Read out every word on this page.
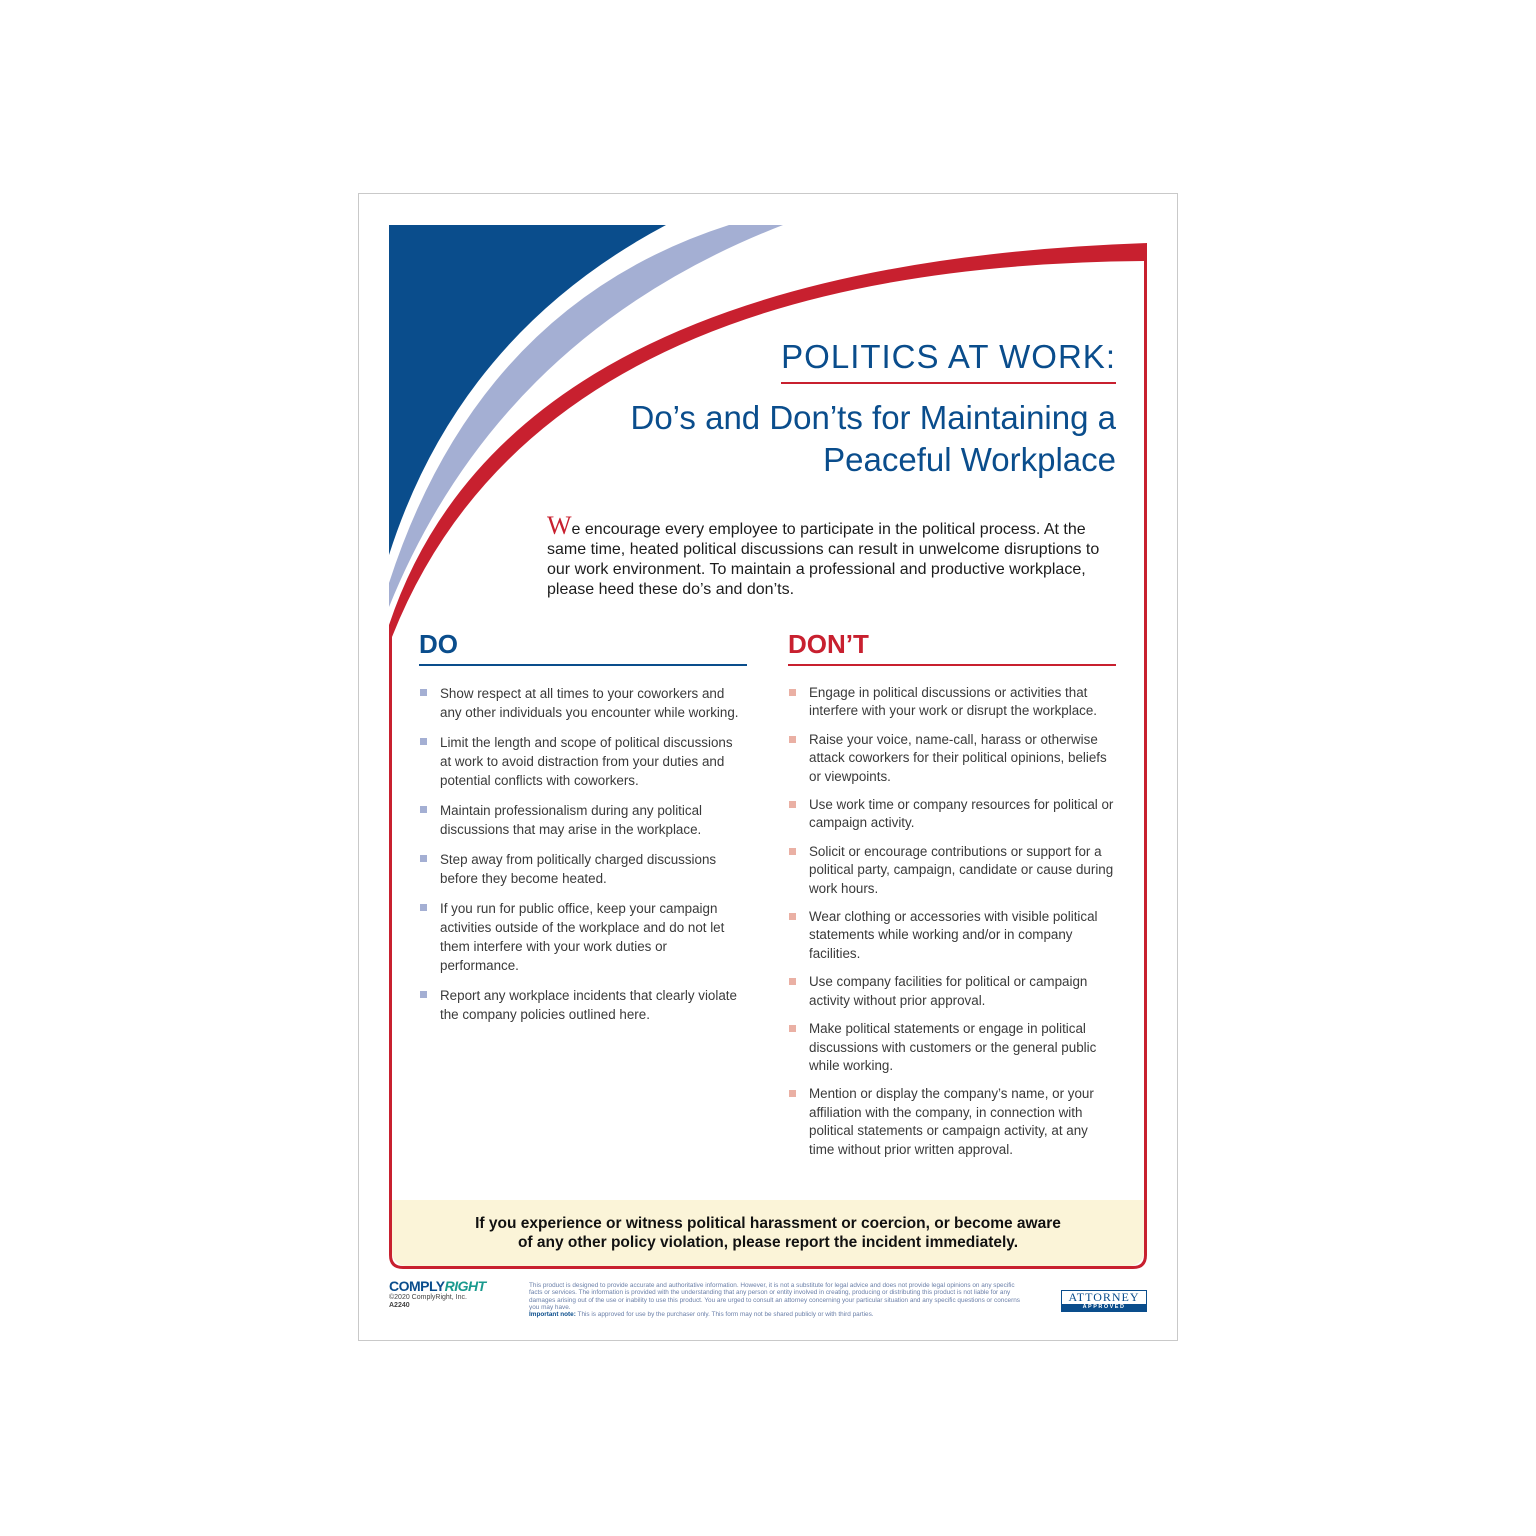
POLITICS AT WORK:
Do’s and Don’ts for Maintaining a Peaceful Workplace

We encourage every employee to participate in the political process. At the same time, heated political discussions can result in unwelcome disruptions to our work environment. To maintain a professional and productive workplace, please heed these do’s and don’ts.

DO
Show respect at all times to your coworkers and any other individuals you encounter while working.
Limit the length and scope of political discussions at work to avoid distraction from your duties and potential conflicts with coworkers.
Maintain professionalism during any political discussions that may arise in the workplace.
Step away from politically charged discussions before they become heated.
If you run for public office, keep your campaign activities outside of the workplace and do not let them interfere with your work duties or performance.
Report any workplace incidents that clearly violate the company policies outlined here.
DON’T
Engage in political discussions or activities that interfere with your work or disrupt the workplace.
Raise your voice, name-call, harass or otherwise attack coworkers for their political opinions, beliefs or viewpoints.
Use work time or company resources for political or campaign activity.
Solicit or encourage contributions or support for a political party, campaign, candidate or cause during work hours.
Wear clothing or accessories with visible political statements while working and/or in company facilities.
Use company facilities for political or campaign activity without prior approval.
Make political statements or engage in political discussions with customers or the general public while working.
Mention or display the company’s name, or your affiliation with the company, in connection with political statements or campaign activity, at any time without prior written approval.

If you experience or witness political harassment or coercion, or become aware of any other policy violation, please report the incident immediately.

COMPLYRIGHT
©2020 ComplyRight, Inc.
A2240

This product is designed to provide accurate and authoritative information. However, it is not a substitute for legal advice and does not provide legal opinions on any specific facts or services. The information is provided with the understanding that any person or entity involved in creating, producing or distributing this product is not liable for any damages arising out of the use or inability to use this product. You are urged to consult an attorney concerning your particular situation and any specific questions or concerns you may have.
Important note: This is approved for use by the purchaser only. This form may not be shared publicly or with third parties.

ATTORNEY
APPROVED
